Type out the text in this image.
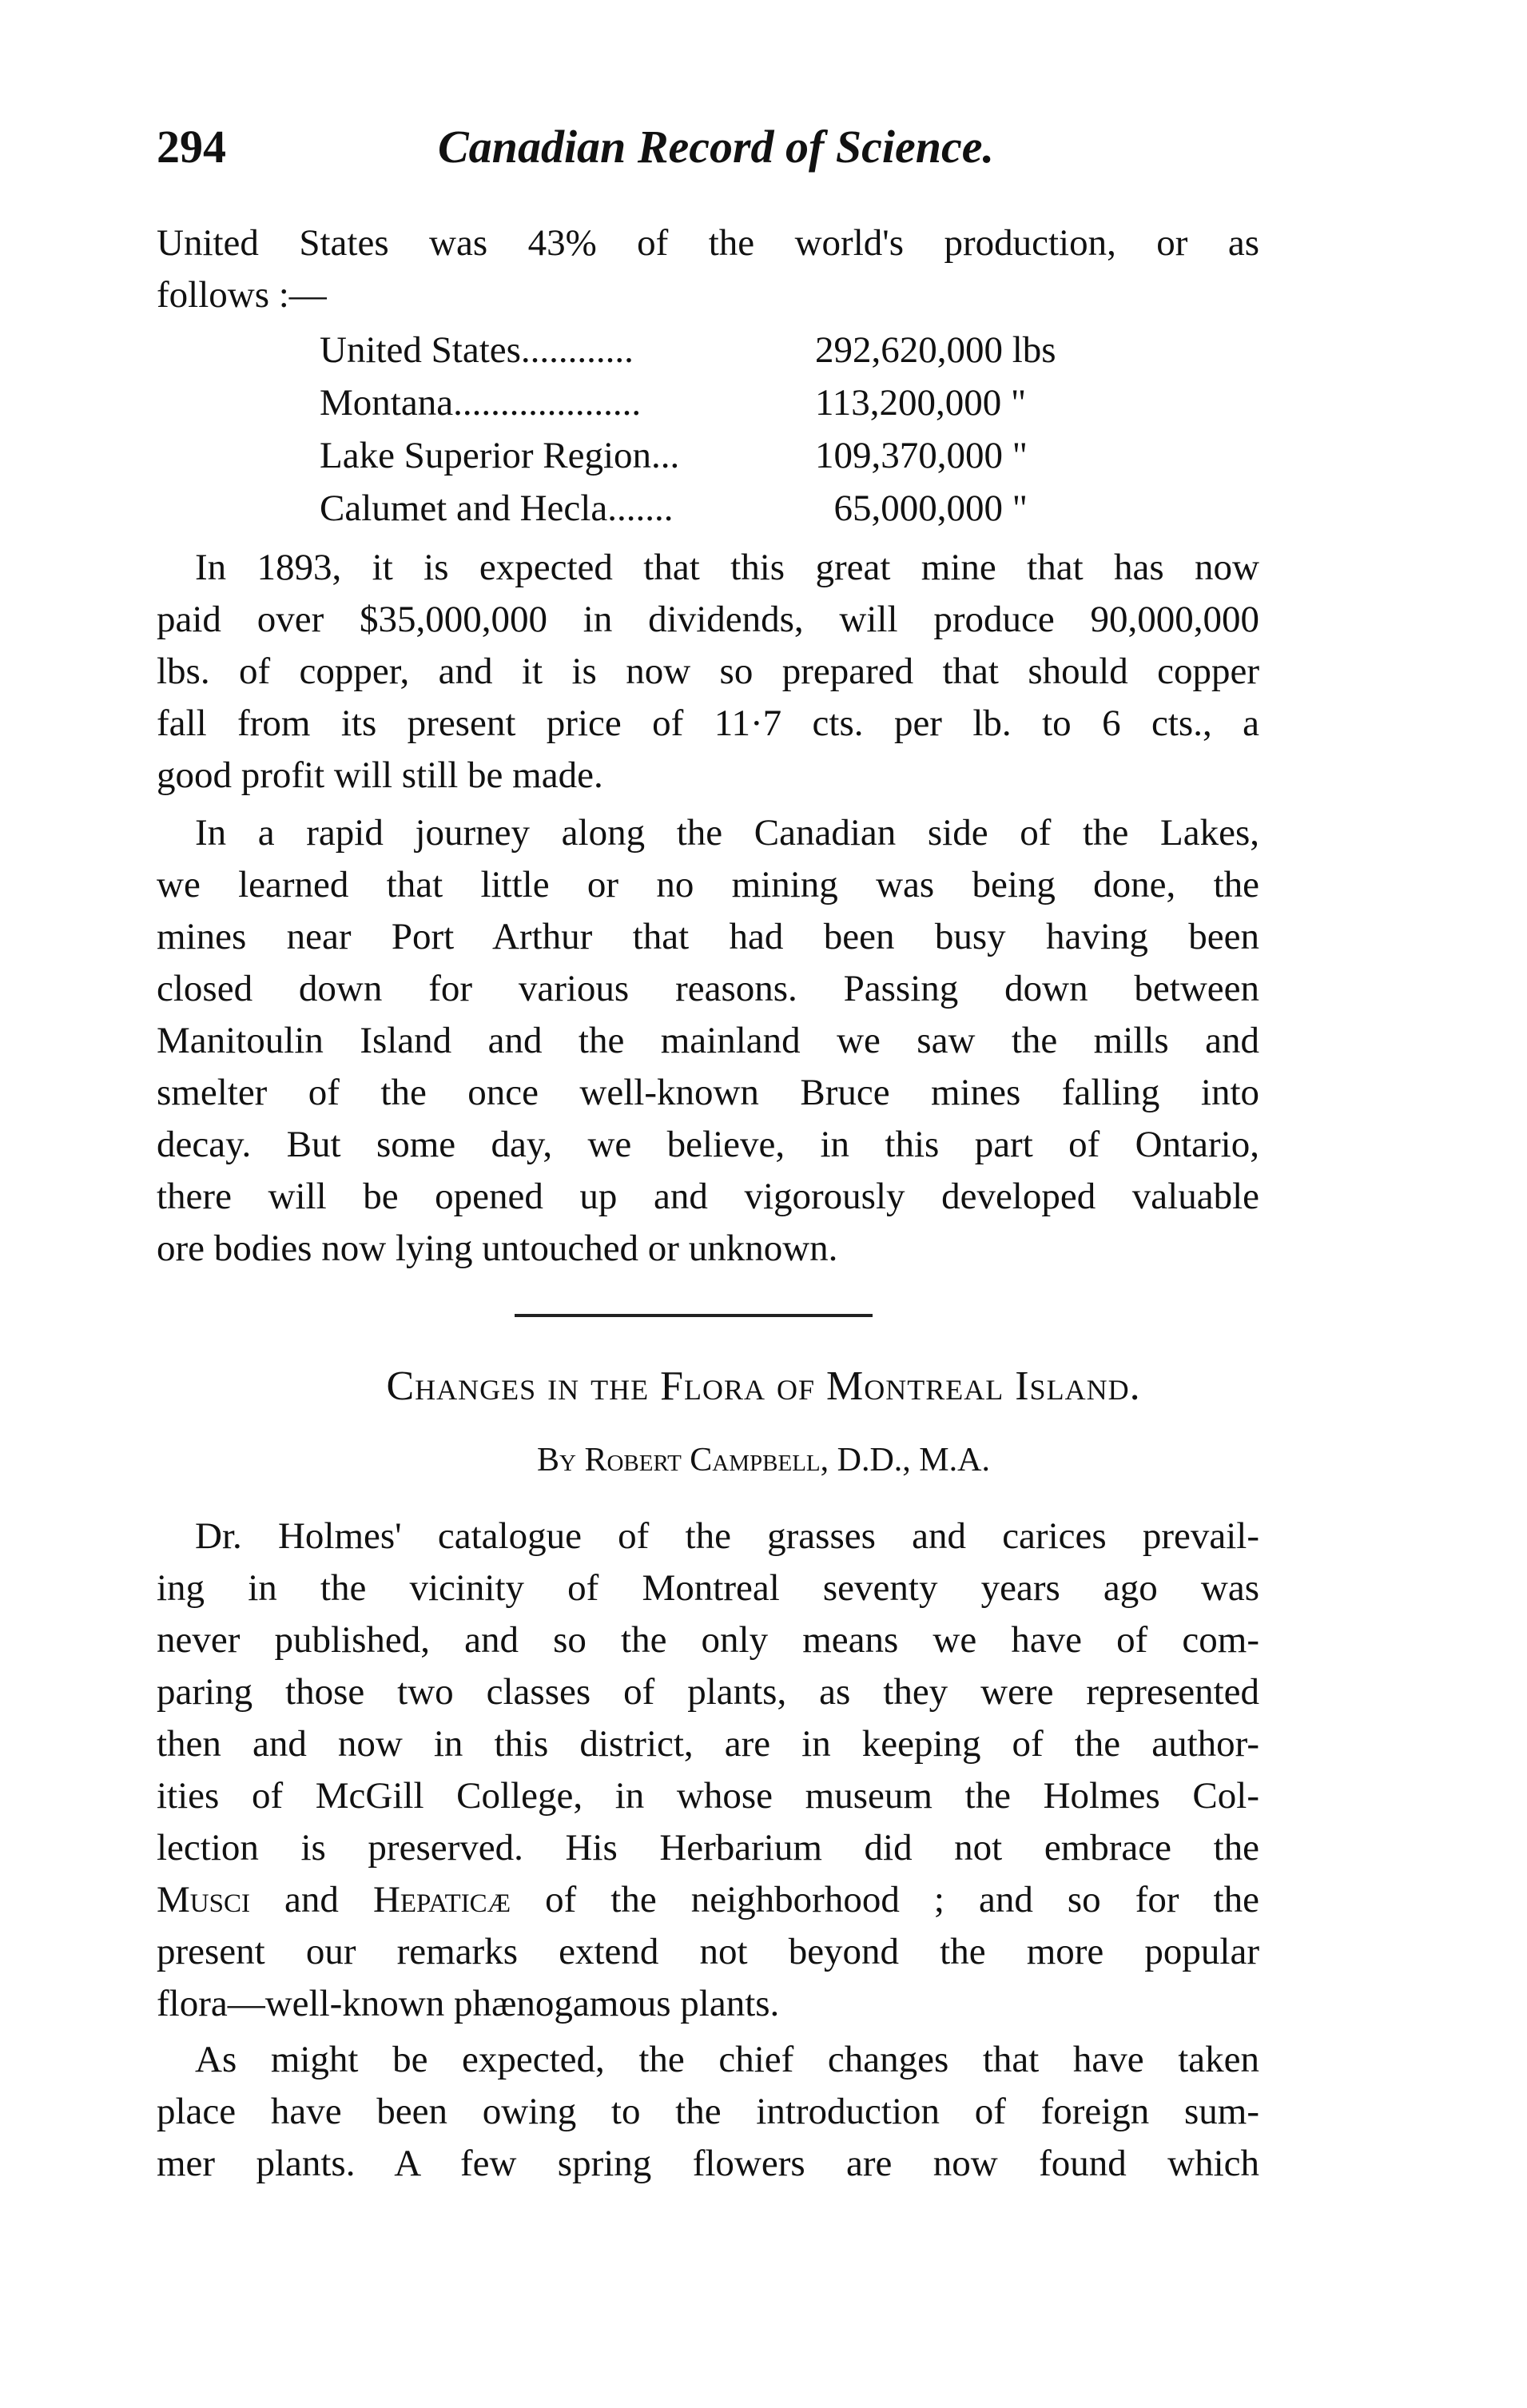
294	Canadian Record of Science.
United States was 43% of the world's production, or as
follows :—
United States............	292,620,000 lbs
Montana....................	113,200,000 "
Lake Superior Region...	109,370,000 "
Calumet and Hecla.......	65,000,000 "
In 1893, it is expected that this great mine that has now
paid over $35,000,000 in dividends, will produce 90,000,000
lbs. of copper, and it is now so prepared that should copper
fall from its present price of 11·7 cts. per lb. to 6 cts., a
good profit will still be made.
In a rapid journey along the Canadian side of the Lakes,
we learned that little or no mining was being done, the
mines near Port Arthur that had been busy having been
closed down for various reasons. Passing down between
Manitoulin Island and the mainland we saw the mills and
smelter of the once well-known Bruce mines falling into
decay. But some day, we believe, in this part of Ontario,
there will be opened up and vigorously developed valuable
ore bodies now lying untouched or unknown.
Changes in the Flora of Montreal Island.
By Robert Campbell, D.D., M.A.
Dr. Holmes' catalogue of the grasses and carices prevail-
ing in the vicinity of Montreal seventy years ago was
never published, and so the only means we have of com-
paring those two classes of plants, as they were represented
then and now in this district, are in keeping of the author-
ities of McGill College, in whose museum the Holmes Col-
lection is preserved. His Herbarium did not embrace the
Musci and Hepaticæ of the neighborhood ; and so for the
present our remarks extend not beyond the more popular
flora—well-known phænogamous plants.
As might be expected, the chief changes that have taken
place have been owing to the introduction of foreign sum-
mer plants. A few spring flowers are now found which
